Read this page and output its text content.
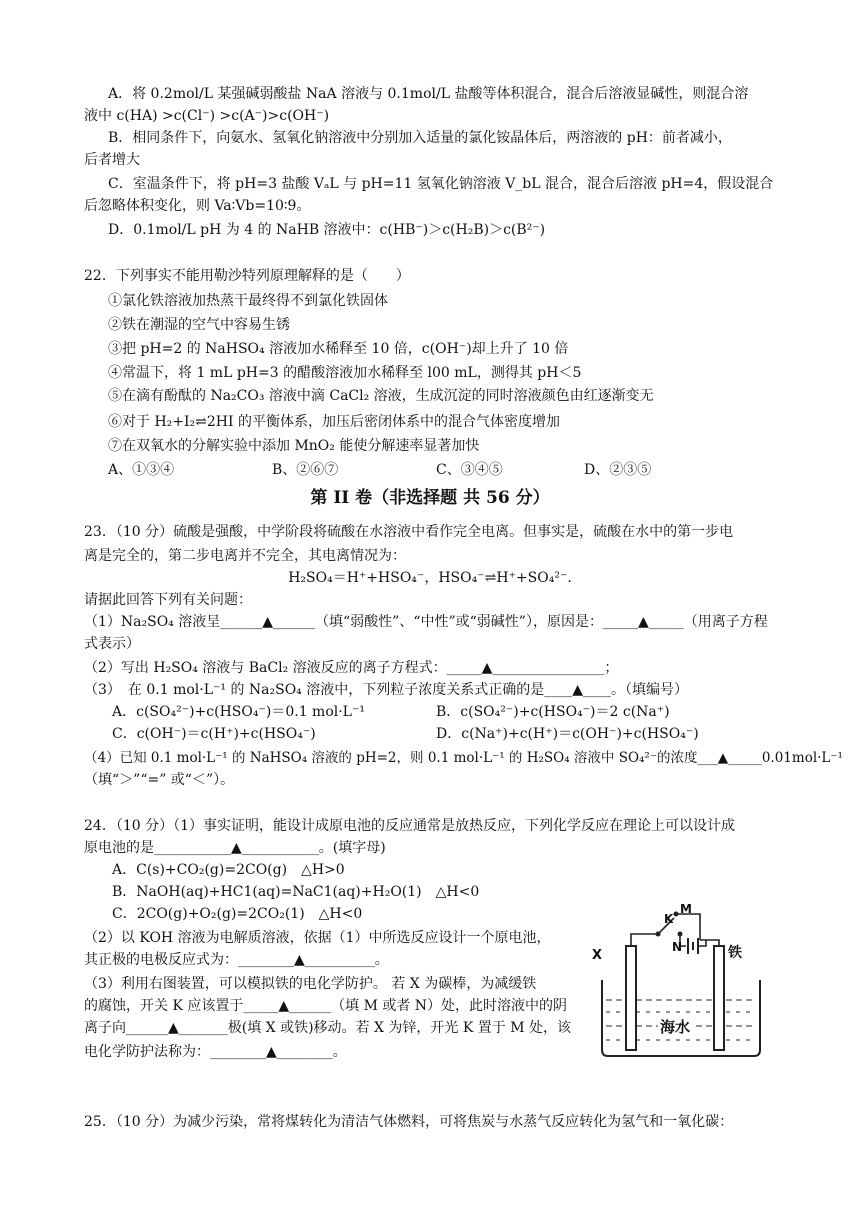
A．将 0.2mol/L 某强碱弱酸盐 NaA 溶液与 0.1mol/L 盐酸等体积混合，混合后溶液显碱性，则混合溶
液中 c(HA) >c(Cl⁻) >c(A⁻)>c(OH⁻)
B．相同条件下，向氨水、氢氧化钠溶液中分别加入适量的氯化铵晶体后，两溶液的 pH：前者减小，
后者增大
C．室温条件下，将 pH=3 盐酸 VₐL 与 pH=11 氢氧化钠溶液 V_bL 混合，混合后溶液 pH=4，假设混合
后忽略体积变化，则 Va∶Vb=10∶9。
D．0.1mol/L pH 为 4 的 NaHB 溶液中：c(HB⁻)＞c(H₂B)＞c(B²⁻)
22．下列事实不能用勒沙特列原理解释的是（　　）
①氯化铁溶液加热蒸干最终得不到氯化铁固体
②铁在潮湿的空气中容易生锈
③把 pH=2 的 NaHSO₄ 溶液加水稀释至 10 倍，c(OH⁻)却上升了 10 倍
④常温下，将 1 mL pH=3 的醋酸溶液加水稀释至 l00 mL，测得其 pH＜5
⑤在滴有酚酞的 Na₂CO₃ 溶液中滴 CaCl₂ 溶液，生成沉淀的同时溶液颜色由红逐渐变无
⑥对于 H₂+I₂⇌2HI 的平衡体系，加压后密闭体系中的混合气体密度增加
⑦在双氧水的分解实验中添加 MnO₂ 能使分解速率显著加快
A、①③④	B、②⑥⑦	C、③④⑤	D、②③⑤
第 II 卷（非选择题 共 56 分）
23．（10 分）硫酸是强酸，中学阶段将硫酸在水溶液中看作完全电离。但事实是，硫酸在水中的第一步电
离是完全的，第二步电离并不完全，其电离情况为：
H₂SO₄＝H⁺+HSO₄⁻，HSO₄⁻⇌H⁺+SO₄²⁻.
请据此回答下列有关问题：
（1）Na₂SO₄ 溶液呈______▲______（填“弱酸性”、“中性”或“弱碱性”），原因是：_____▲_____（用离子方程
式表示）
（2）写出 H₂SO₄ 溶液与 BaCl₂ 溶液反应的离子方程式：_____▲________________；
（3）　在 0.1 mol·L⁻¹ 的 Na₂SO₄ 溶液中，下列粒子浓度关系式正确的是____▲____。（填编号）
A．c(SO₄²⁻)+c(HSO₄⁻)＝0.1 mol·L⁻¹	B．c(SO₄²⁻)+c(HSO₄⁻)＝2 c(Na⁺)
C．c(OH⁻)＝c(H⁺)+c(HSO₄⁻)	D．c(Na⁺)+c(H⁺)＝c(OH⁻)+c(HSO₄⁻)
（4）已知 0.1 mol·L⁻¹ 的 NaHSO₄ 溶液的 pH=2，则 0.1 mol·L⁻¹ 的 H₂SO₄ 溶液中 SO₄²⁻的浓度___▲_____0.01mol·L⁻¹
（填“＞”“=” 或“＜”）。
24．（10 分）（1）事实证明，能设计成原电池的反应通常是放热反应，下列化学反应在理论上可以设计成
原电池的是___________▲___________。(填字母)
A．C(s)+CO₂(g)=2CO(g)　△H>0
B．NaOH(aq)+HC1(aq)=NaC1(aq)+H₂O(1)　△H<0
C．2CO(g)+O₂(g)=2CO₂(1)　△H<0
（2）以 KOH 溶液为电解质溶液，依据（1）中所选反应设计一个原电池，
其正极的电极反应式为：________▲__________。
（3）利用右图装置，可以模拟铁的电化学防护。 若 X 为碳棒，为减缓铁
的腐蚀，开关 K 应该置于_____▲______（填 M 或者 N）处，此时溶液中的阴
离子向______▲_______极(填 X 或铁)移动。若 X 为锌，开光 K 置于 M 处，该
电化学防护法称为：________▲________。
M
K
N
X	铁
海水
25．（10 分）为减少污染，常将煤转化为清洁气体燃料，可将焦炭与水蒸气反应转化为氢气和一氧化碳：
